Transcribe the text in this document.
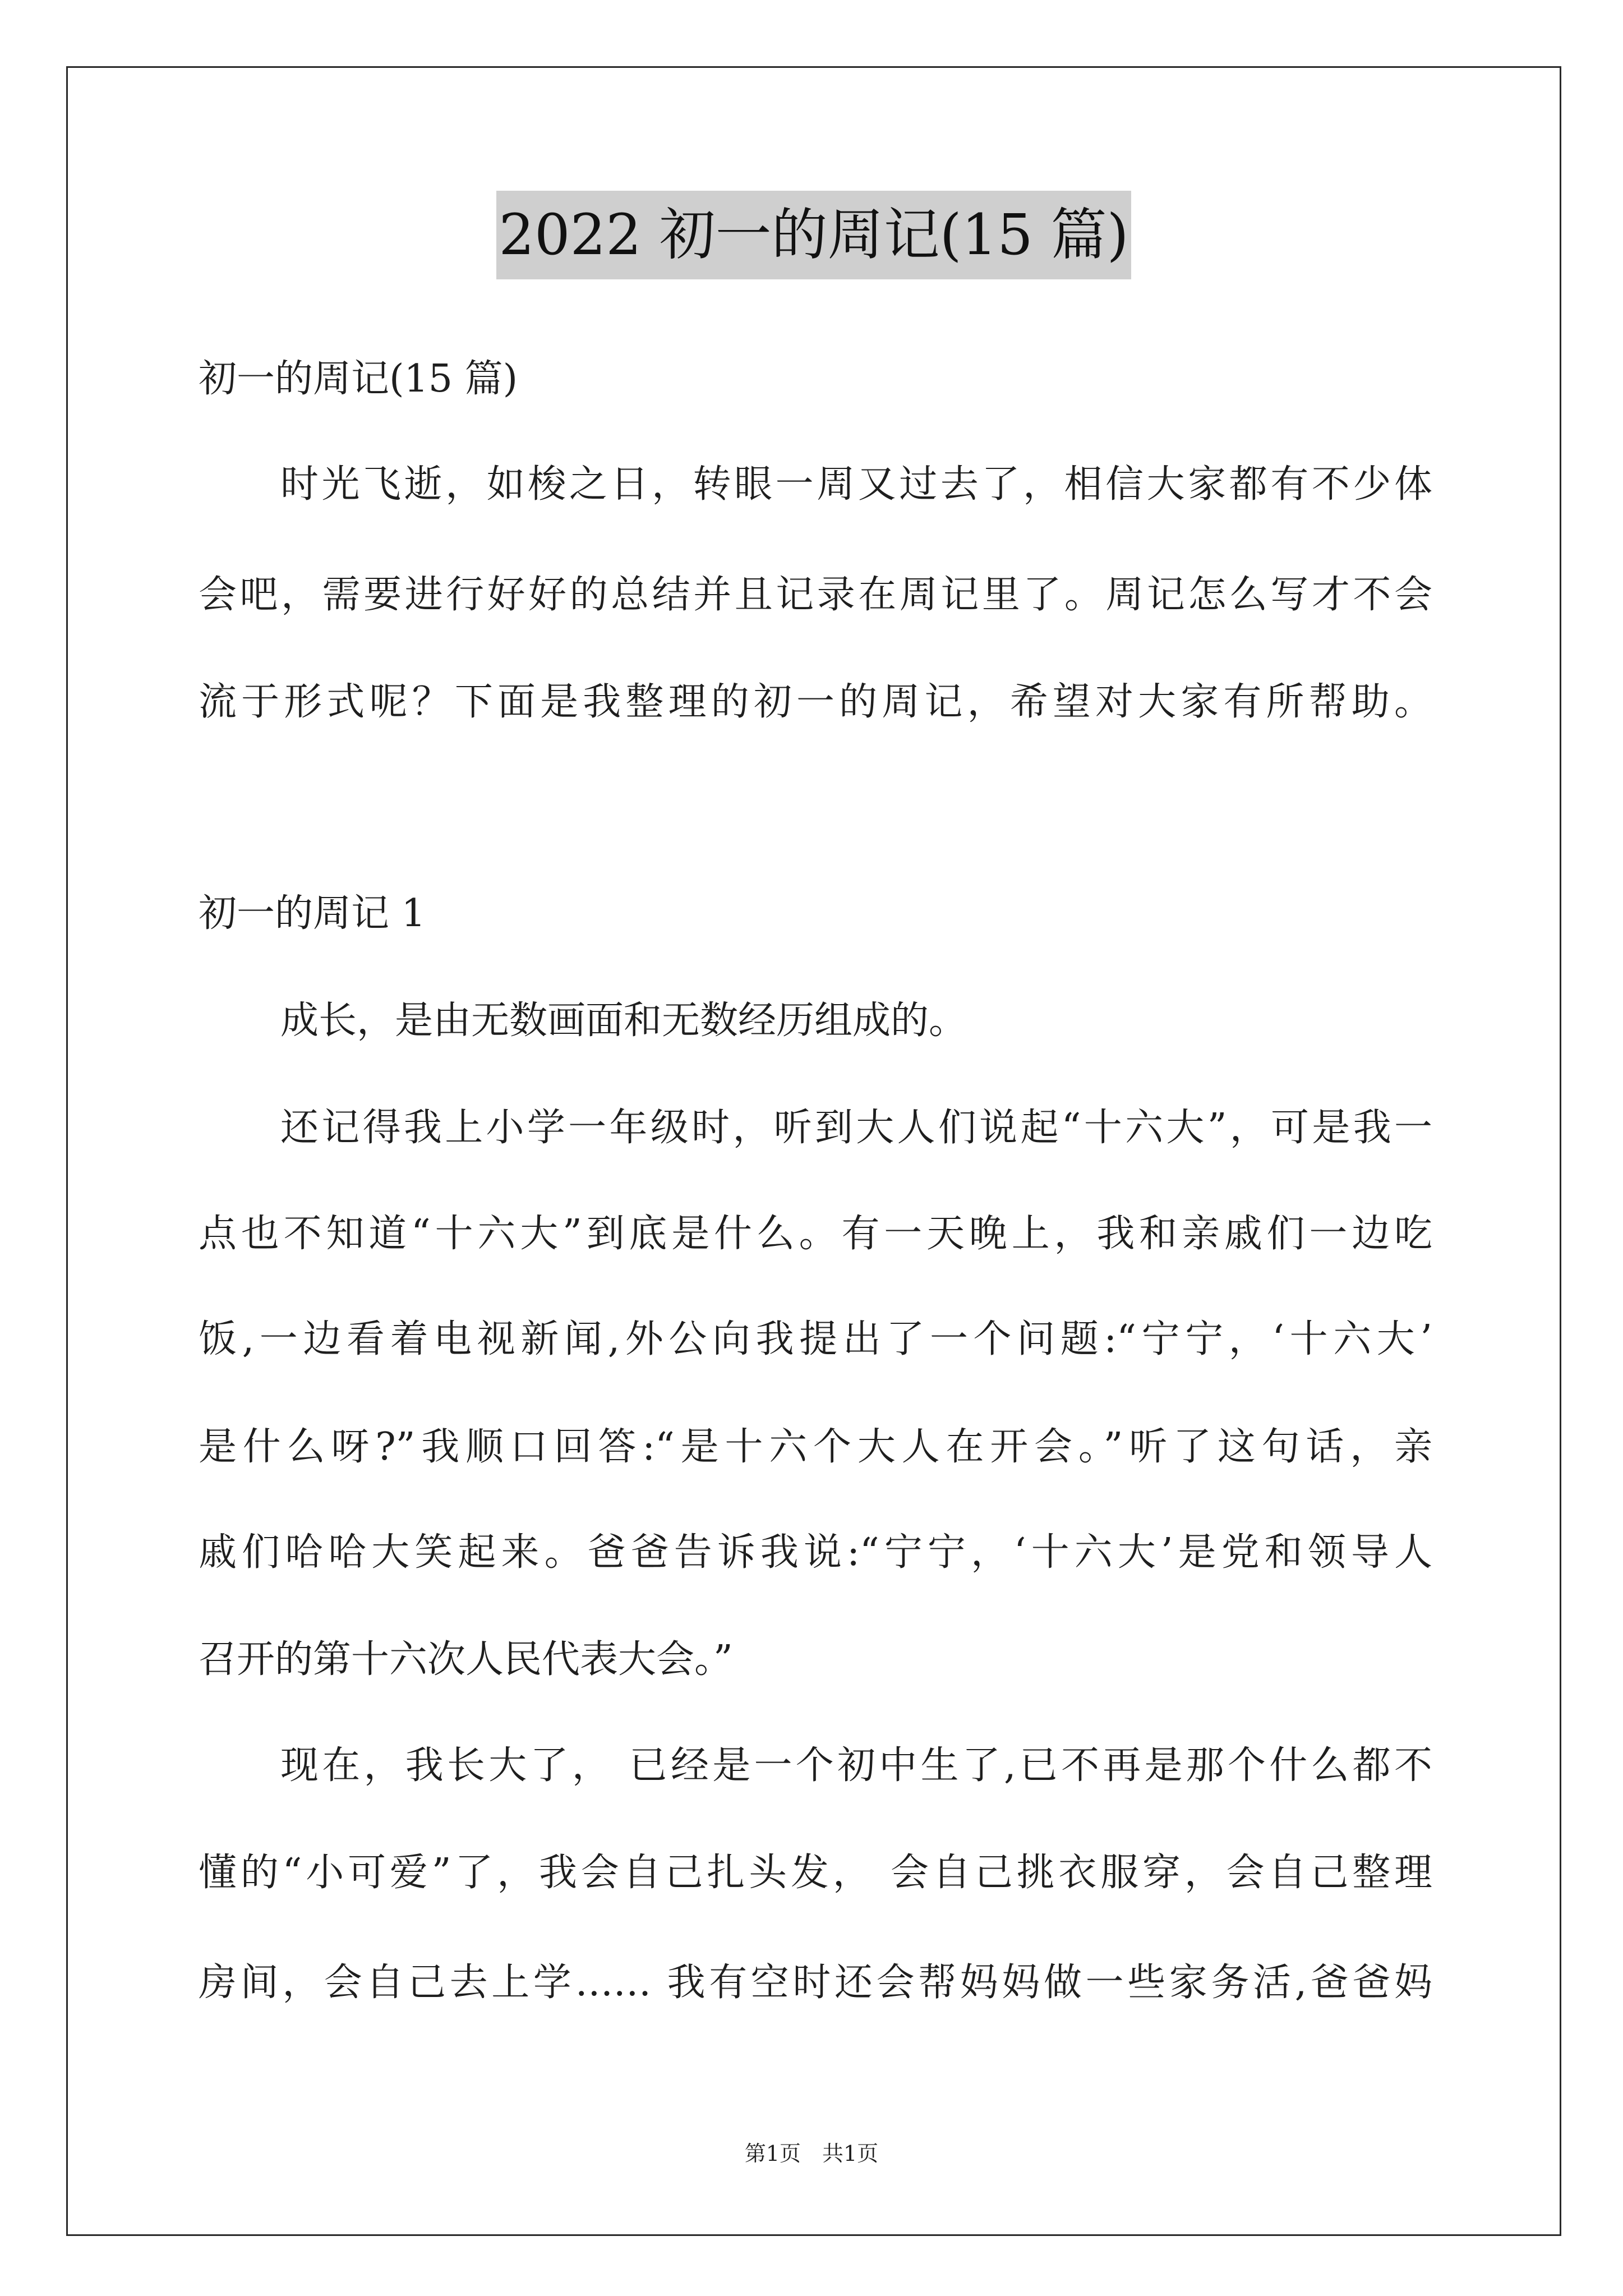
2022 初一的周记(15 篇)
初一的周记(15 篇)
时光飞逝，如梭之日，转眼一周又过去了，相信大家都有不少体
会吧，需要进行好好的总结并且记录在周记里了。周记怎么写才不会
流于形式呢？下面是我整理的初一的周记，希望对大家有所帮助。
初一的周记 1
成长，是由无数画面和无数经历组成的。
还记得我上小学一年级时，听到大人们说起“十六大”，可是我一
点也不知道“十六大”到底是什么。有一天晚上，我和亲戚们一边吃
饭,一边看着电视新闻,外公向我提出了一个问题:“宁宁，‘十六大’
是什么呀?”我顺口回答:“是十六个大人在开会。”听了这句话，亲
戚们哈哈大笑起来。爸爸告诉我说:“宁宁，‘十六大’是党和领导人
召开的第十六次人民代表大会。”
现在，我长大了， 已经是一个初中生了,已不再是那个什么都不
懂的“小可爱”了，我会自己扎头发， 会自己挑衣服穿，会自己整理
房间，会自己去上学…… 我有空时还会帮妈妈做一些家务活,爸爸妈
第1页　共1页
